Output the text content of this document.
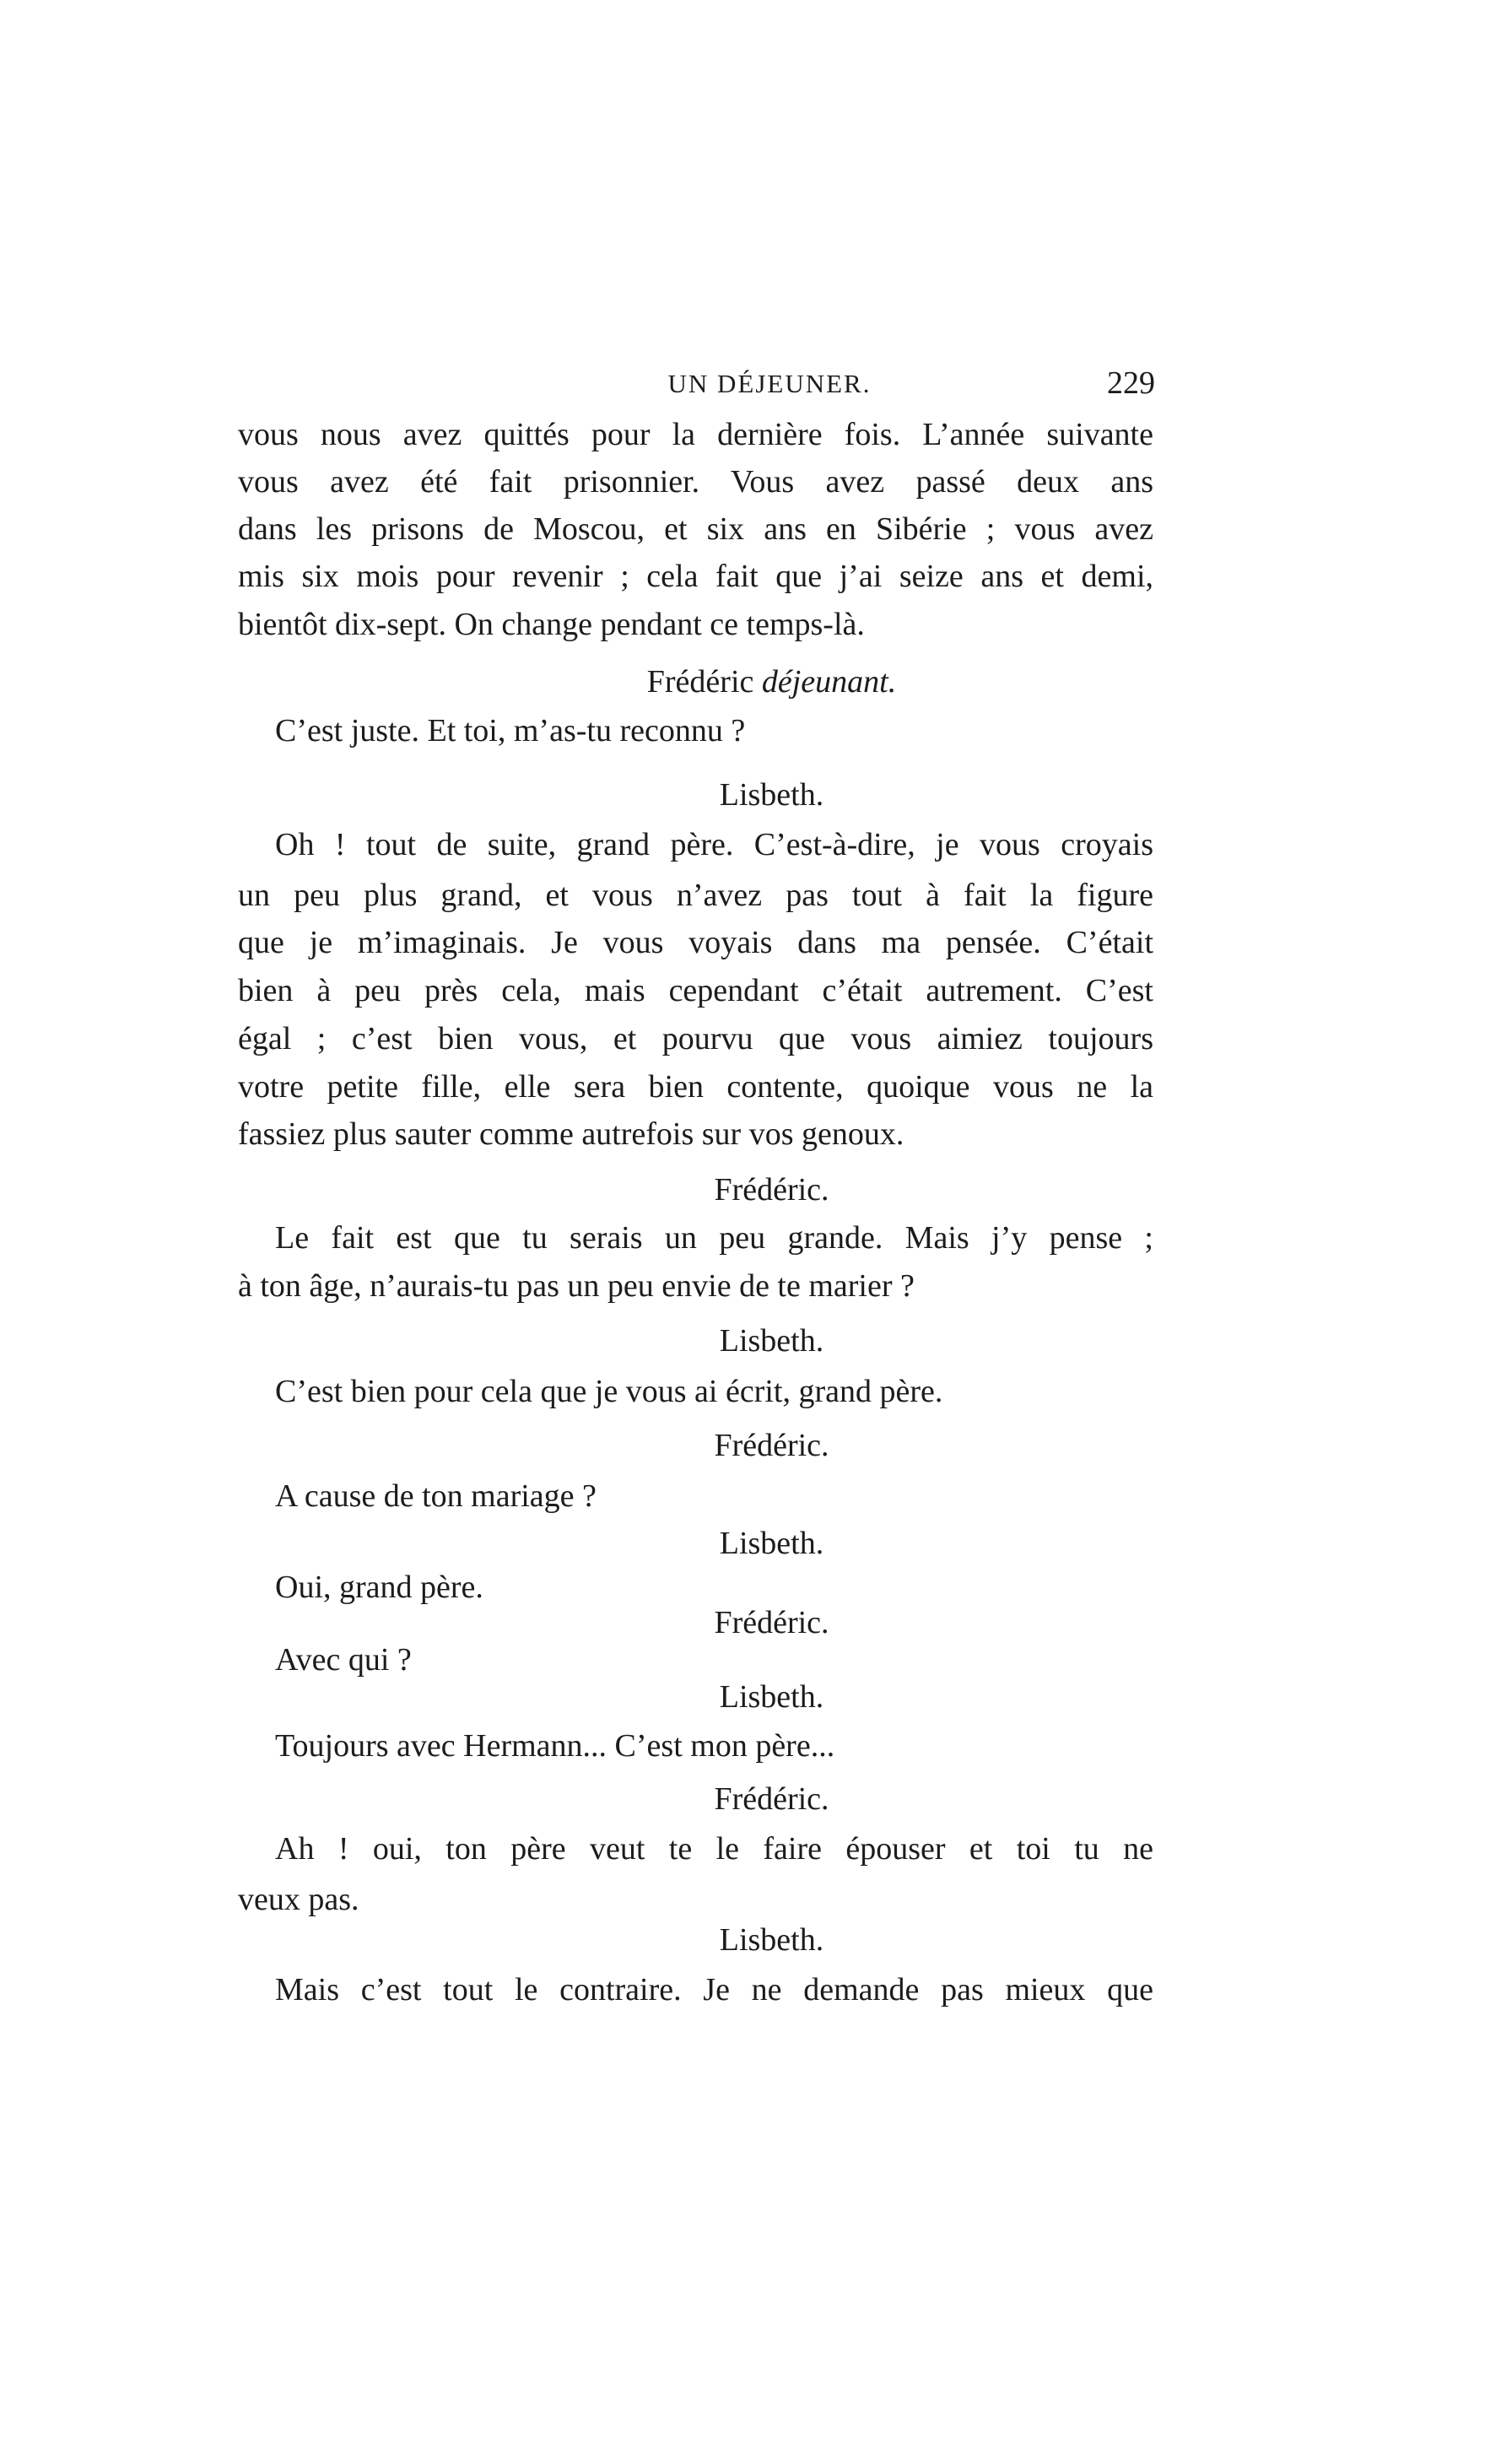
UN DÉJEUNER.	229
vous nous avez quittés pour la dernière fois. L’année suivante
vous avez été fait prisonnier. Vous avez passé deux ans
dans les prisons de Moscou, et six ans en Sibérie ; vous avez
mis six mois pour revenir ; cela fait que j’ai seize ans et demi,
bientôt dix-sept. On change pendant ce temps-là.
Frédéric déjeunant.
C’est juste. Et toi, m’as-tu reconnu ?
Lisbeth.
Oh ! tout de suite, grand père. C’est-à-dire, je vous croyais
un peu plus grand, et vous n’avez pas tout à fait la figure
que je m’imaginais. Je vous voyais dans ma pensée. C’était
bien à peu près cela, mais cependant c’était autrement. C’est
égal ; c’est bien vous, et pourvu que vous aimiez toujours
votre petite fille, elle sera bien contente, quoique vous ne la
fassiez plus sauter comme autrefois sur vos genoux.
Frédéric.
Le fait est que tu serais un peu grande. Mais j’y pense ;
à ton âge, n’aurais-tu pas un peu envie de te marier ?
Lisbeth.
C’est bien pour cela que je vous ai écrit, grand père.
Frédéric.
A cause de ton mariage ?
Lisbeth.
Oui, grand père.
Frédéric.
Avec qui ?
Lisbeth.
Toujours avec Hermann... C’est mon père...
Frédéric.
Ah ! oui, ton père veut te le faire épouser et toi tu ne
veux pas.
Lisbeth.
Mais c’est tout le contraire. Je ne demande pas mieux que
